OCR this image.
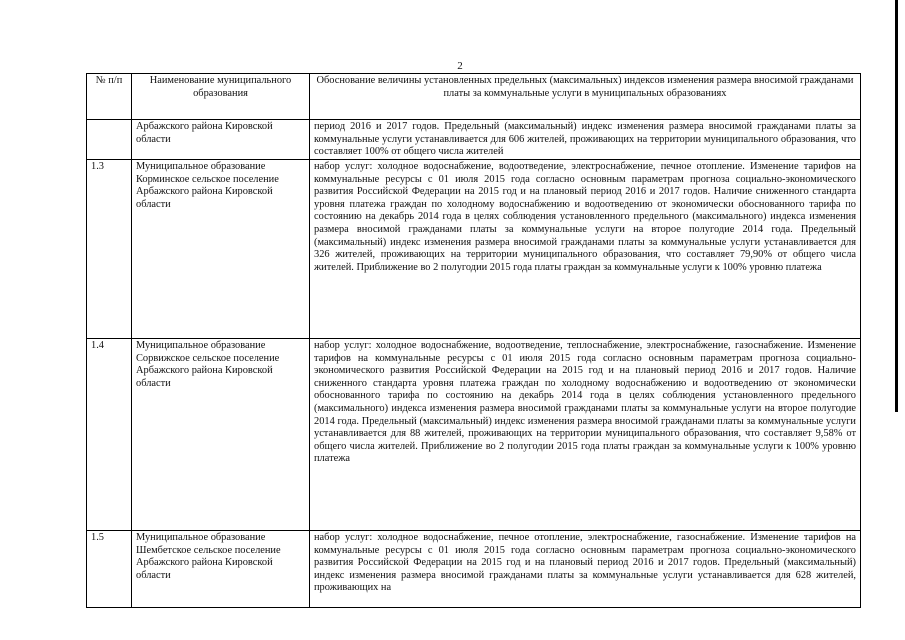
2
№ п/п	Наименование муниципального образования	Обоснование величины установленных предельных (максимальных) индексов изменения размера вносимой гражданами платы за коммунальные услуги в муниципальных образованиях
	Арбажского района Кировской области	период 2016 и 2017 годов. Предельный (максимальный) индекс изменения размера вносимой гражданами платы за коммунальные услуги устанавливается для 606 жителей, проживающих на территории муниципального образования, что составляет 100% от общего числа жителей
1.3	Муниципальное образование Корминское сельское поселение Арбажского района Кировской области	набор услуг: холодное водоснабжение, водоотведение, электроснабжение, печное отопление. Изменение тарифов на коммунальные ресурсы с 01 июля 2015 года согласно основным параметрам прогноза социально-экономического развития Российской Федерации на 2015 год и на плановый период 2016 и 2017 годов. Наличие сниженного стандарта уровня платежа граждан по холодному водоснабжению и водоотведению от экономически обоснованного тарифа по состоянию на декабрь 2014 года в целях соблюдения установленного предельного (максимального) индекса изменения размера вносимой гражданами платы за коммунальные услуги на второе полугодие 2014 года. Предельный (максимальный) индекс изменения размера вносимой гражданами платы за коммунальные услуги устанавливается для 326 жителей, проживающих на территории муниципального образования, что составляет 79,90% от общего числа жителей. Приближение во 2 полугодии 2015 года платы граждан за коммунальные услуги к 100% уровню платежа
1.4	Муниципальное образование Сорвижское сельское поселение Арбажского района Кировской области	набор услуг: холодное водоснабжение, водоотведение, теплоснабжение, электроснабжение, газоснабжение. Изменение тарифов на коммунальные ресурсы с 01 июля 2015 года согласно основным параметрам прогноза социально-экономического развития Российской Федерации на 2015 год и на плановый период 2016 и 2017 годов. Наличие сниженного стандарта уровня платежа граждан по холодному водоснабжению и водоотведению от экономически обоснованного тарифа по состоянию на декабрь 2014 года в целях соблюдения установленного предельного (максимального) индекса изменения размера вносимой гражданами платы за коммунальные услуги на второе полугодие 2014 года. Предельный (максимальный) индекс изменения размера вносимой гражданами платы за коммунальные услуги устанавливается для 88 жителей, проживающих на территории муниципального образования, что составляет 9,58% от общего числа жителей. Приближение во 2 полугодии 2015 года платы граждан за коммунальные услуги к 100% уровню платежа
1.5	Муниципальное образование Шембетское сельское поселение Арбажского района Кировской области	набор услуг: холодное водоснабжение, печное отопление, электроснабжение, газоснабжение. Изменение тарифов на коммунальные ресурсы с 01 июля 2015 года согласно основным параметрам прогноза социально-экономического развития Российской Федерации на 2015 год и на плановый период 2016 и 2017 годов. Предельный (максимальный) индекс изменения размера вносимой гражданами платы за коммунальные услуги устанавливается для 628 жителей, проживающих на
